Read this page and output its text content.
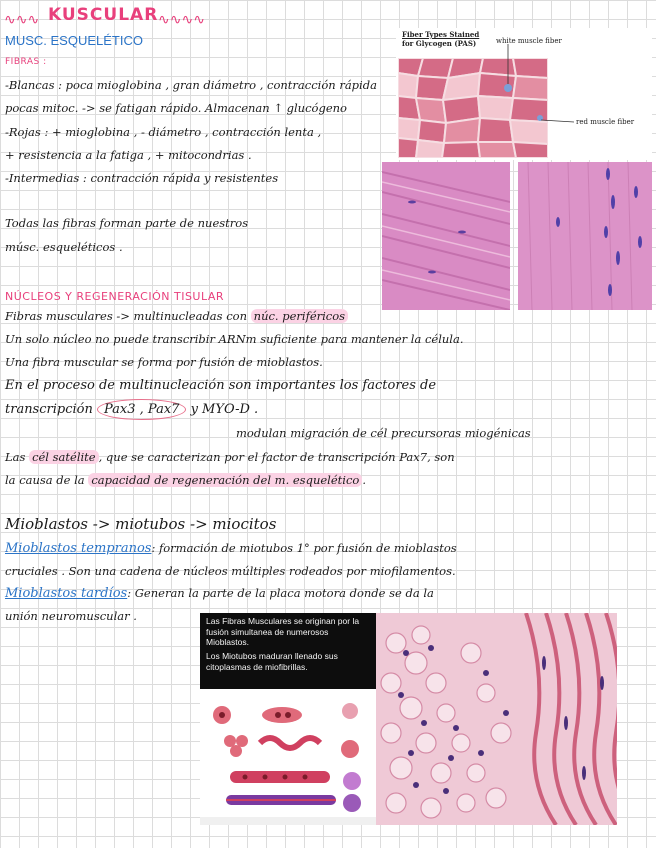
∿∿∿ KUSCULAR ∿∿∿∿
MUSC. ESQUELÉTICO
FIBRAS :
-Blancas : poca mioglobina , gran diámetro , contracción rápida
pocas mitoc. -> se fatigan rápido. Almacenan ↑ glucógeno
-Rojas : + mioglobina , - diámetro , contracción lenta ,
+ resistencia a la fatiga , + mitocondrias .
-Intermedias : contracción rápida y resistentes
Todas las fibras forman parte de nuestros
músc. esqueléticos .
Fiber Types Stained
for Glycogen (PAS)	white muscle fiber
red muscle fiber
NÚCLEOS Y REGENERACIÓN TISULAR
Fibras musculares -> multinucleadas con núc. periféricos
Un solo núcleo no puede transcribir ARNm suficiente para mantener la célula.
Una fibra muscular se forma por fusión de mioblastos.
En el proceso de multinucleación son importantes los factores de
transcripción Pax3 , Pax7 y MYO-D .
modulan migración de cél precursoras miogénicas
Las cél satélite , que se caracterizan por el factor de transcripción Pax7, son
la causa de la capacidad de regeneración del m. esquelético .
Mioblastos -> miotubos -> miocitos
Mioblastos tempranos: formación de miotubos 1° por fusión de mioblastos
cruciales . Son una cadena de núcleos múltiples rodeados por miofilamentos.
Mioblastos tardíos: Generan la parte de la placa motora donde se da la
unión neuromuscular .	Las Fibras Musculares se originan por la fusión simultanea de numerosos Mioblastos.
Los Miotubos maduran llenado sus citoplasmas de miofibrillas.
